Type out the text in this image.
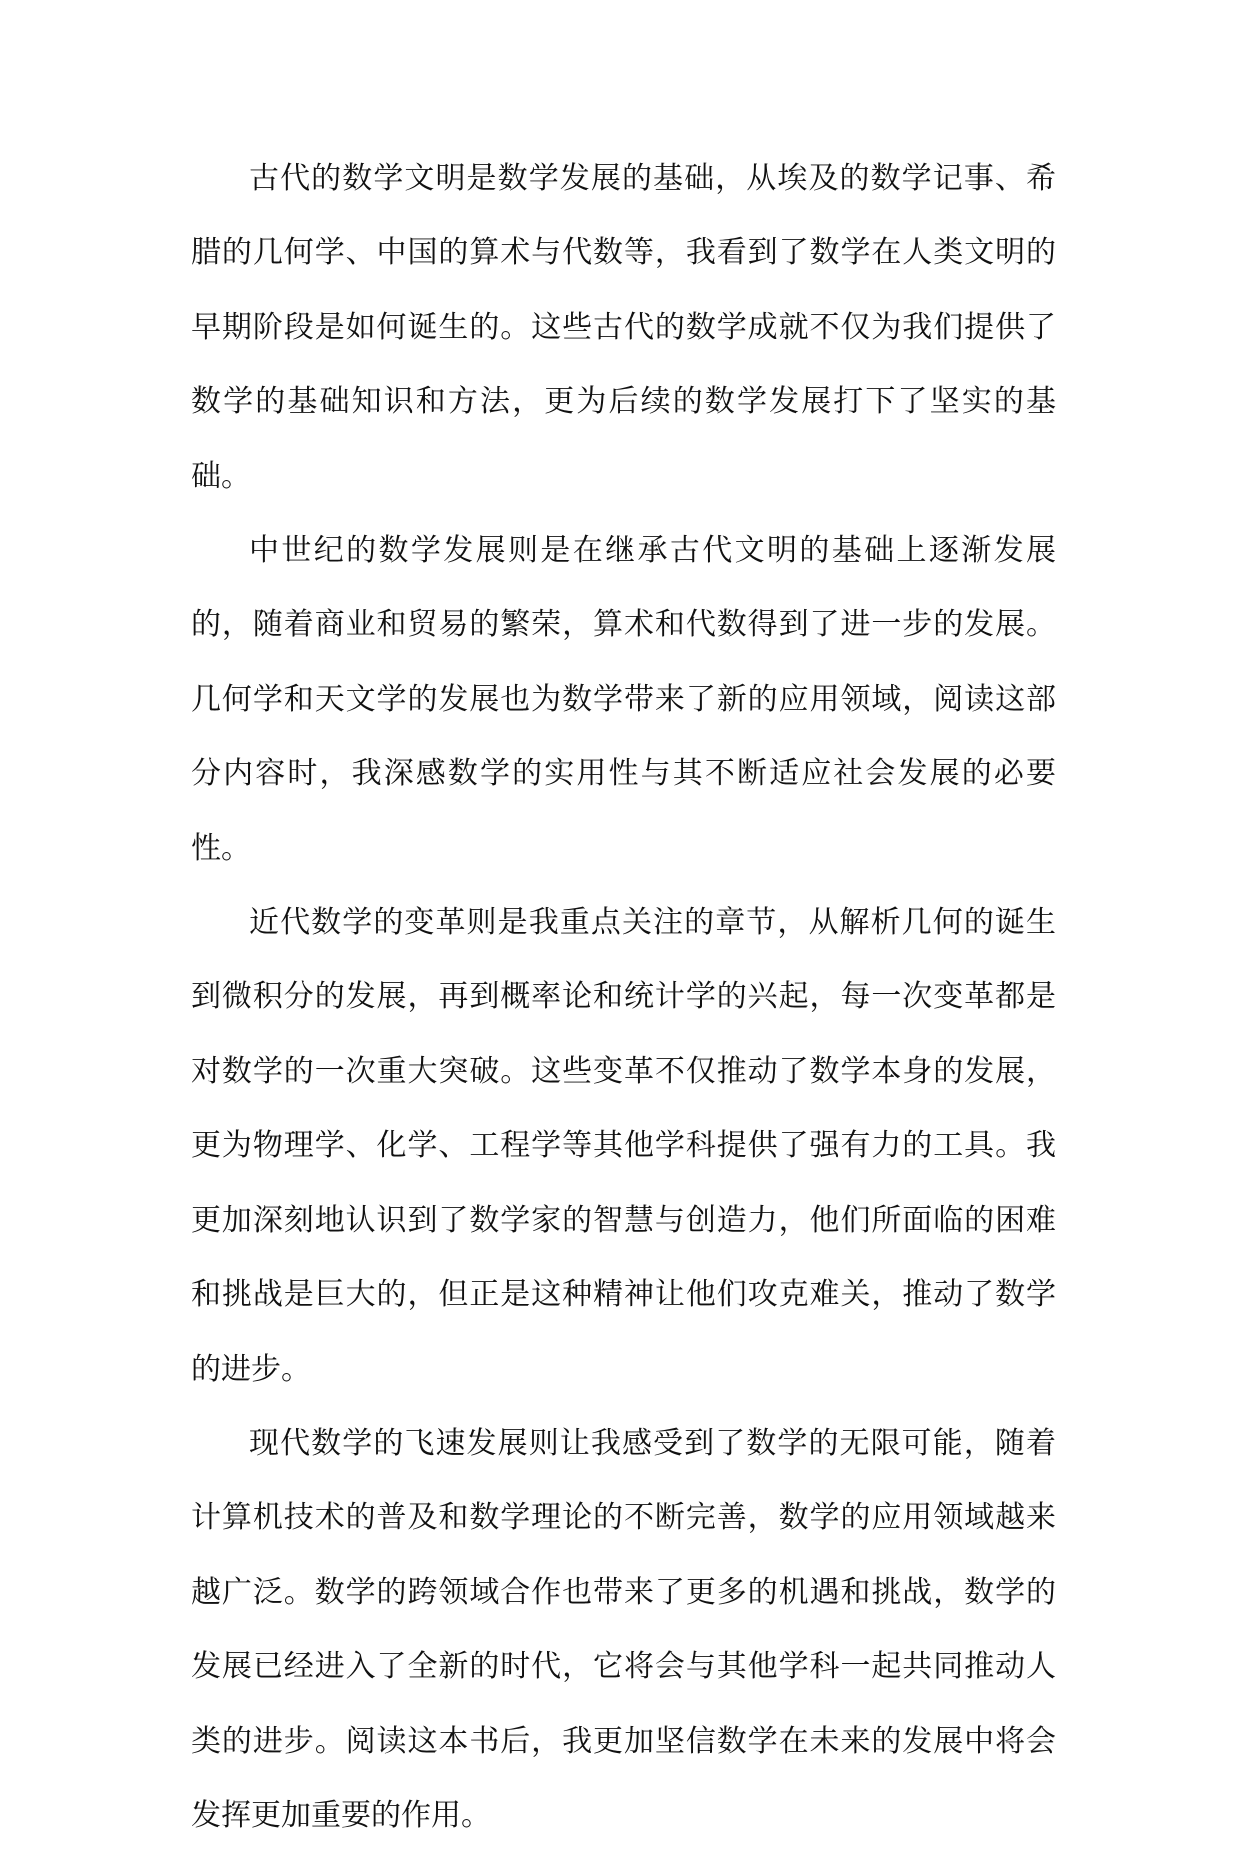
古代的数学文明是数学发展的基础，从埃及的数学记事、希腊的几何学、中国的算术与代数等，我看到了数学在人类文明的早期阶段是如何诞生的。这些古代的数学成就不仅为我们提供了数学的基础知识和方法，更为后续的数学发展打下了坚实的基础。

中世纪的数学发展则是在继承古代文明的基础上逐渐发展的，随着商业和贸易的繁荣，算术和代数得到了进一步的发展。几何学和天文学的发展也为数学带来了新的应用领域，阅读这部分内容时，我深感数学的实用性与其不断适应社会发展的必要性。

近代数学的变革则是我重点关注的章节，从解析几何的诞生到微积分的发展，再到概率论和统计学的兴起，每一次变革都是对数学的一次重大突破。这些变革不仅推动了数学本身的发展，更为物理学、化学、工程学等其他学科提供了强有力的工具。我更加深刻地认识到了数学家的智慧与创造力，他们所面临的困难和挑战是巨大的，但正是这种精神让他们攻克难关，推动了数学的进步。

现代数学的飞速发展则让我感受到了数学的无限可能，随着计算机技术的普及和数学理论的不断完善，数学的应用领域越来越广泛。数学的跨领域合作也带来了更多的机遇和挑战，数学的发展已经进入了全新的时代，它将会与其他学科一起共同推动人类的进步。阅读这本书后，我更加坚信数学在未来的发展中将会发挥更加重要的作用。
